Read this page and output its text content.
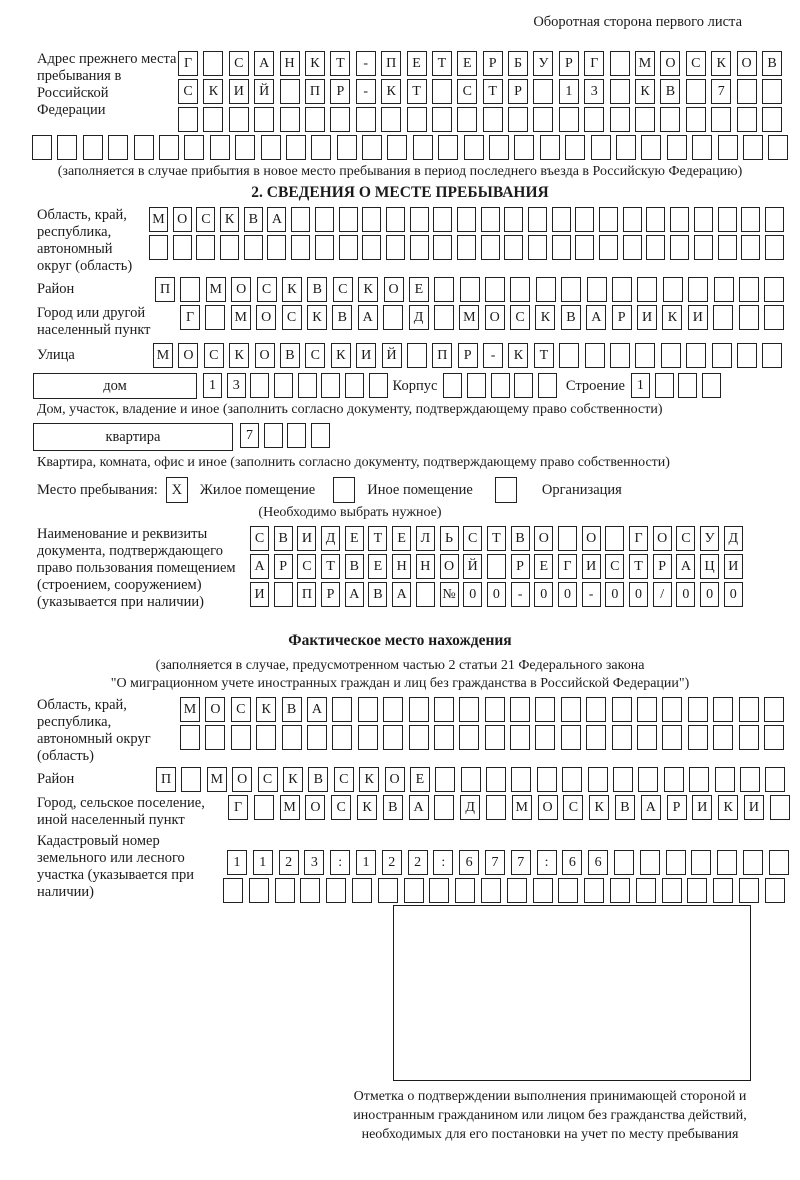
Оборотная сторона первого листа
Адрес прежнего места пребывания в Российской Федерации
Г	С	А	Н	К	Т	-	П	Е	Т	Е	Р	Б	У	Р	Г	М	О	С	К	О	В
С	К	И	Й	П	Р	-	К	Т	С	Т	Р	1	3	К	В	7
(заполняется в случае прибытия в новое место пребывания в период последнего въезда в Российскую Федерацию)
2. СВЕДЕНИЯ О МЕСТЕ ПРЕБЫВАНИЯ
Область, край, республика, автономный округ (область)
М О С	К	В А
Район	П	М	О	С	К	В	С	К	О	Е
Город или другой населенный пункт
Г	М	О	С	К	В	А	Д	М	О	С	К	В	А	Р	И	К	И
Улица	М	О	С	К	О	В	С	К	И	Й	П	Р	-	К	Т
дом	1	3	Корпус	Строение 1
Дом, участок, владение и иное (заполнить согласно документу, подтверждающему право собственности)
квартира	7
Квартира, комната, офис и иное (заполнить согласно документу, подтверждающему право собственности)
Место пребывания: X	Жилое помещение	Иное помещение	Организация
(Необходимо выбрать нужное)
Наименование и реквизиты документа, подтверждающего право пользования помещением (строением, сооружением) (указывается при наличии)
С	В И Д	Е	Т	Е	Л	Ь	С	Т	В О	О	Г	О С	У Д
А	Р	С	Т	В	Е	Н Н О Й	Р	Е	Г	И С	Т	Р	А Ц И
И	П	Р	А В А	№ 0	0	-	0	0	-	0	0	/	0	0	0
Фактическое место нахождения
(заполняется в случае, предусмотренном частью 2 статьи 21 Федерального закона
"О миграционном учете иностранных граждан и лиц без гражданства в Российской Федерации")
Область, край, республика, автономный округ (область)
М	О	С	К	В	А
Район	П	М	О	С	К	В	С	К	О	Е
Город, сельское поселение, иной населенный пункт
Г	М	О	С	К	В	А	Д	М	О	С	К	В	А	Р	И	К	И
Кадастровый номер земельного или лесного участка (указывается при наличии)
1	1	2	3	:	1	2	2	:	6	7	7	:	6	6
Отметка о подтверждении выполнения принимающей стороной и иностранным гражданином или лицом без гражданства действий, необходимых для его постановки на учет по месту пребывания
